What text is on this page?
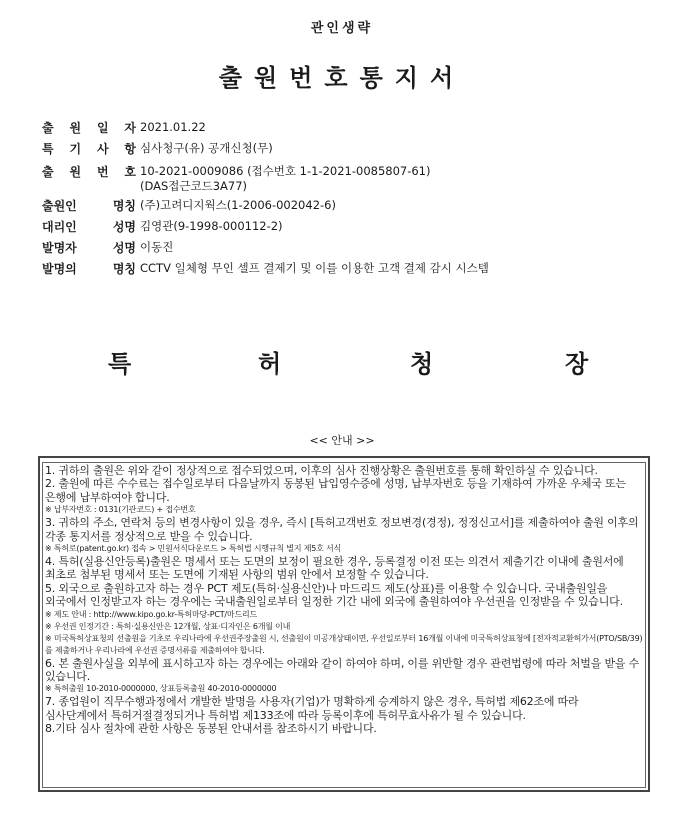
관인생략
출원번호통지서
출 원 일 자 2021.01.22
특 기 사 항 심사청구(유) 공개신청(무)
출 원 번 호 10-2021-0009086 (접수번호 1-1-2021-0085807-61)
(DAS접근코드3A77)
출원인	명칭 (주)고려디지웍스(1-2006-002042-6)
대리인	성명 김영관(9-1998-000112-2)
발명자	성명 이동진
발명의	명칭 CCTV 일체형 무인 셀프 결제기 및 이를 이용한 고객 결제 감시 시스템
특	허	청	장
<< 안내 >>
1. 귀하의 출원은 위와 같이 정상적으로 접수되었으며, 이후의 심사 진행상황은 출원번호를 통해 확인하실 수 있습니다.
2. 출원에 따른 수수료는 접수일로부터 다음날까지 동봉된 납입영수증에 성명, 납부자번호 등을 기재하여 가까운 우체국 또는 은행에 납부하여야 합니다.
※ 납부자번호 : 0131(기관코드) + 접수번호
3. 귀하의 주소, 연락처 등의 변경사항이 있을 경우, 즉시 [특허고객번호 정보변경(경정), 정정신고서]를 제출하여야 출원 이후의 각종 통지서를 정상적으로 받을 수 있습니다.
※ 특허로(patent.go.kr) 접속 > 민원서식다운로드 > 특허법 시행규칙 별지 제5호 서식
4. 특허(실용신안등록)출원은 명세서 또는 도면의 보정이 필요한 경우, 등록결정 이전 또는 의견서 제출기간 이내에 출원서에 최초로 첨부된 명세서 또는 도면에 기재된 사항의 범위 안에서 보정할 수 있습니다.
5. 외국으로 출원하고자 하는 경우 PCT 제도(특허·실용신안)나 마드리드 제도(상표)를 이용할 수 있습니다. 국내출원일을 외국에서 인정받고자 하는 경우에는 국내출원일로부터 일정한 기간 내에 외국에 출원하여야 우선권을 인정받을 수 있습니다.
※ 제도 안내 : http://www.kipo.go.kr-특허마당-PCT/마드리드
※ 우선권 인정기간 : 특허·실용신안은 12개월, 상표·디자인은 6개월 이내
※ 미국특허상표청의 선출원을 기초로 우리나라에 우선권주장출원 시, 선출원이 미공개상태이면, 우선일로부터 16개월 이내에 미국특허상표청에 [전자적교환허가서(PTO/SB/39)를 제출하거나 우리나라에 우선권 증명서류를 제출하여야 합니다.
6. 본 출원사실을 외부에 표시하고자 하는 경우에는 아래와 같이 하여야 하며, 이를 위반할 경우 관련법령에 따라 처벌을 받을 수 있습니다.
※ 특허출원 10-2010-0000000, 상표등록출원 40-2010-0000000
7. 종업원이 직무수행과정에서 개발한 발명을 사용자(기업)가 명확하게 승계하지 않은 경우, 특허법 제62조에 따라 심사단계에서 특허거절결정되거나 특허법 제133조에 따라 등록이후에 특허무효사유가 될 수 있습니다.
8.기타 심사 절차에 관한 사항은 동봉된 안내서를 참조하시기 바랍니다.
